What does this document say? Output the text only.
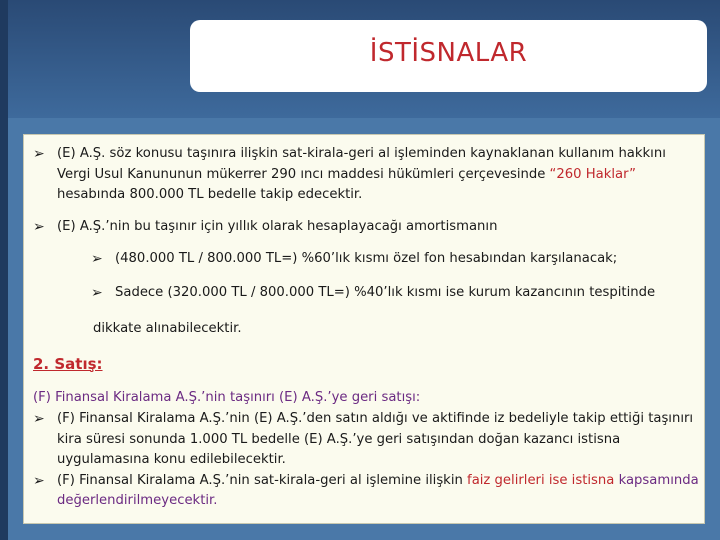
İSTİSNALAR
➢ (E) A.Ş. söz konusu taşınıra ilişkin sat-kirala-geri al işleminden kaynaklanan kullanım hakkını Vergi Usul Kanununun mükerrer 290 ıncı maddesi hükümleri çerçevesinde “260 Haklar” hesabında 800.000 TL bedelle takip edecektir.
➢ (E) A.Ş.’nin bu taşınır için yıllık olarak hesaplayacağı amortismanın
➢ (480.000 TL / 800.000 TL=) %60’lık kısmı özel fon hesabından karşılanacak;
➢ Sadece (320.000 TL / 800.000 TL=) %40’lık kısmı ise kurum kazancının tespitinde
dikkate alınabilecektir.
2. Satış:
(F) Finansal Kiralama A.Ş.’nin taşınırı (E) A.Ş.’ye geri satışı:
➢ (F) Finansal Kiralama A.Ş.’nin (E) A.Ş.’den satın aldığı ve aktifinde iz bedeliyle takip ettiği taşınırı kira süresi sonunda 1.000 TL bedelle (E) A.Ş.’ye geri satışından doğan kazancı istisna uygulamasına konu edilebilecektir.
➢ (F) Finansal Kiralama A.Ş.’nin sat-kirala-geri al işlemine ilişkin faiz gelirleri ise istisna kapsamında değerlendirilmeyecektir.
